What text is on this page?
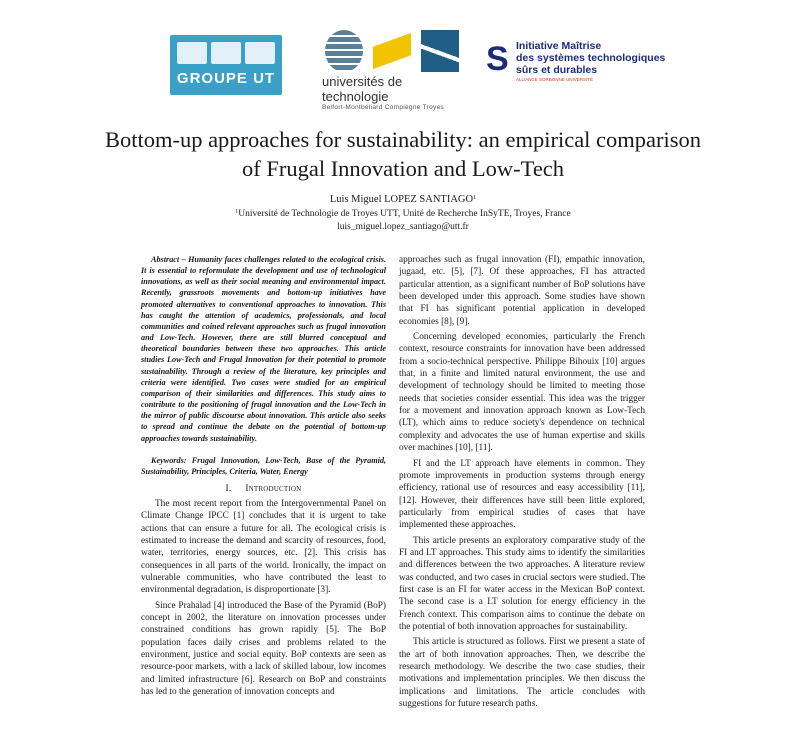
GROUPE UT	universités de technologie
Belfort-Montbéliard Compiègne Troyes
S Initiative Maîtrise
des systèmes technologiques
sûrs et durables
ALLIANCE SORBONNE UNIVERSITÉ
Bottom-up approaches for sustainability: an empirical comparison of Frugal Innovation and Low-Tech
Luis Miguel LOPEZ SANTIAGO$^1$
$^1$Université de Technologie de Troyes UTT, Unité de Recherche InSyTE, Troyes, France
luis_miguel.lopez_santiago@utt.fr

Abstract – Humanity faces challenges related to the ecological crisis. It is essential to reformulate the development and use of technological innovations, as well as their social meaning and environmental impact. Recently, grassroots movements and bottom-up initiatives have promoted alternatives to conventional approaches to innovation. This has caught the attention of academics, professionals, and local communities and coined relevant approaches such as frugal innovation and Low-Tech. However, there are still blurred conceptual and theoretical boundaries between these two approaches. This article studies Low-Tech and Frugal Innovation for their potential to promote sustainability. Through a review of the literature, key principles and criteria were identified. Two cases were studied for an empirical comparison of their similarities and differences. This study aims to contribute to the positioning of frugal innovation and the Low-Tech in the mirror of public discourse about innovation. This article also seeks to spread and continue the debate on the potential of bottom-up approaches towards sustainability.

Keywords: Frugal Innovation, Low-Tech, Base of the Pyramid, Sustainability, Principles, Criteria, Water, Energy

I. Introduction

The most recent report from the Intergovernmental Panel on Climate Change IPCC [1] concludes that it is urgent to take actions that can ensure a future for all. The ecological crisis is estimated to increase the demand and scarcity of resources, food, water, territories, energy sources, etc. [2]. This crisis has consequences in all parts of the world. Ironically, the impact on vulnerable communities, who have contributed the least to environmental degradation, is disproportionate [3].

Since Prahalad [4] introduced the Base of the Pyramid (BoP) concept in 2002, the literature on innovation processes under constrained conditions has grown rapidly [5]. The BoP population faces daily crises and problems related to the environment, justice and social equity. BoP contexts are seen as resource-poor markets, with a lack of skilled labour, low incomes and limited infrastructure [6]. Research on BoP and constraints has led to the generation of innovation concepts and

approaches such as frugal innovation (FI), empathic innovation, jugaad, etc. [5], [7]. Of these approaches, FI has attracted particular attention, as a significant number of BoP solutions have been developed under this approach. Some studies have shown that FI has significant potential application in developed economies [8], [9].

Concerning developed economies, particularly the French context, resource constraints for innovation have been addressed from a socio-technical perspective. Philippe Bihouix [10] argues that, in a finite and limited natural environment, the use and development of technology should be limited to meeting those needs that societies consider essential. This idea was the trigger for a movement and innovation approach known as Low-Tech (LT), which aims to reduce society's dependence on technical complexity and advocates the use of human expertise and skills over machines [10], [11].

FI and the LT approach have elements in common. They promote improvements in production systems through energy efficiency, rational use of resources and easy accessibility [11], [12]. However, their differences have still been little explored, particularly from empirical studies of cases that have implemented these approaches.

This article presents an exploratory comparative study of the FI and LT approaches. This study aims to identify the similarities and differences between the two approaches. A literature review was conducted, and two cases in crucial sectors were studied. The first case is an FI for water access in the Mexican BoP context. The second case is a LT solution for energy efficiency in the French context. This comparison aims to continue the debate on the potential of both innovation approaches for sustainability.

This article is structured as follows. First we present a state of the art of both innovation approaches. Then, we describe the research methodology. We describe the two case studies, their motivations and implementation principles. We then discuss the implications and limitations. The article concludes with suggestions for future research paths.
